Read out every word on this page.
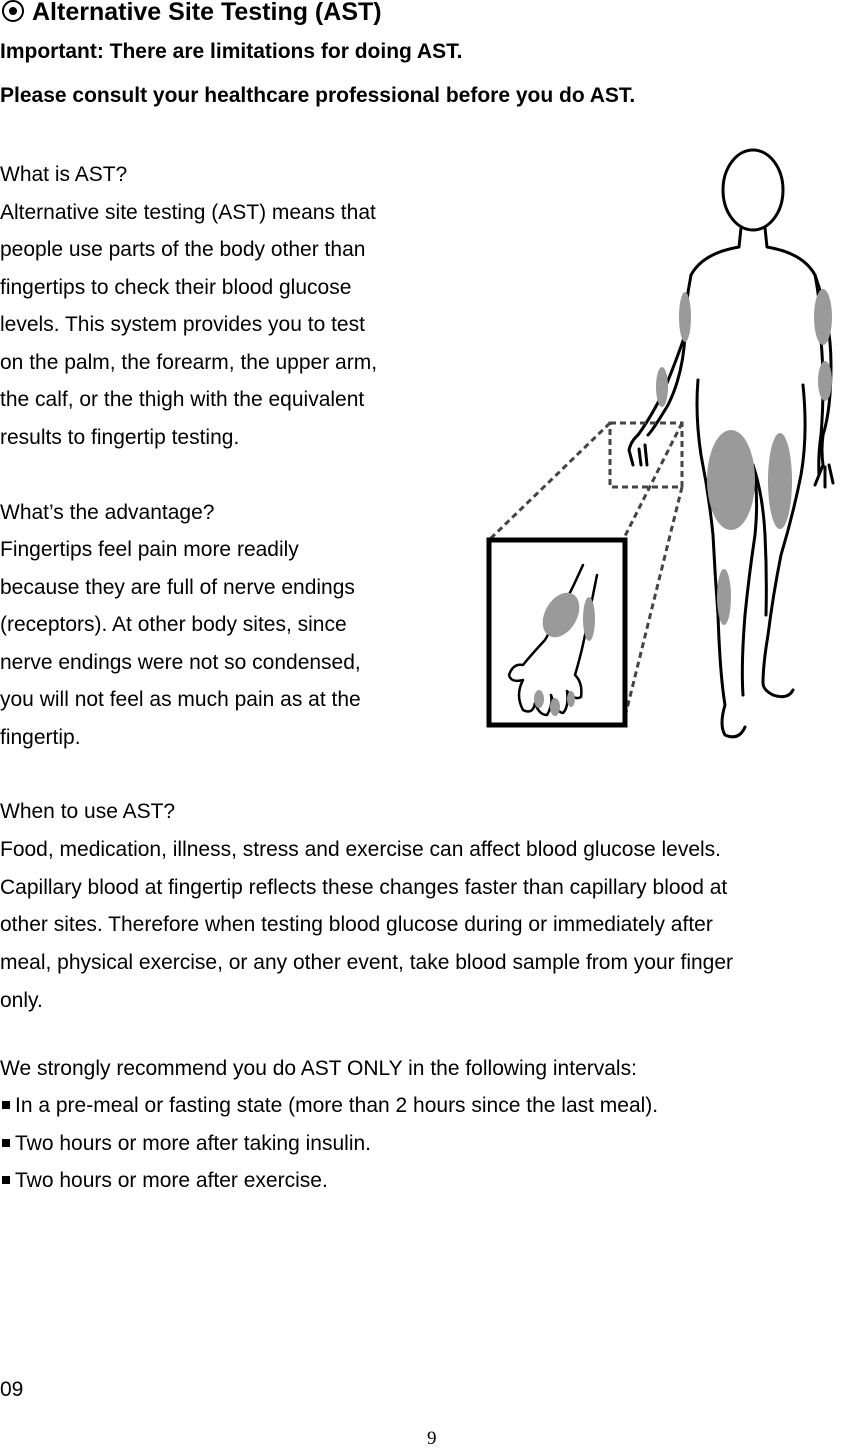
Alternative Site Testing (AST)
Important: There are limitations for doing AST.
Please consult your healthcare professional before you do AST.
What is AST?
Alternative site testing (AST) means that
people use parts of the body other than
fingertips to check their blood glucose
levels. This system provides you to test
on the palm, the forearm, the upper arm,
the calf, or the thigh with the equivalent
results to fingertip testing.
What’s the advantage?
Fingertips feel pain more readily
because they are full of nerve endings
(receptors). At other body sites, since
nerve endings were not so condensed,
you will not feel as much pain as at the
fingertip.
When to use AST?
Food, medication, illness, stress and exercise can affect blood glucose levels.
Capillary blood at fingertip reflects these changes faster than capillary blood at
other sites. Therefore when testing blood glucose during or immediately after
meal, physical exercise, or any other event, take blood sample from your finger
only.
We strongly recommend you do AST ONLY in the following intervals:
In a pre-meal or fasting state (more than 2 hours since the last meal).
Two hours or more after taking insulin.
Two hours or more after exercise.
09
9
